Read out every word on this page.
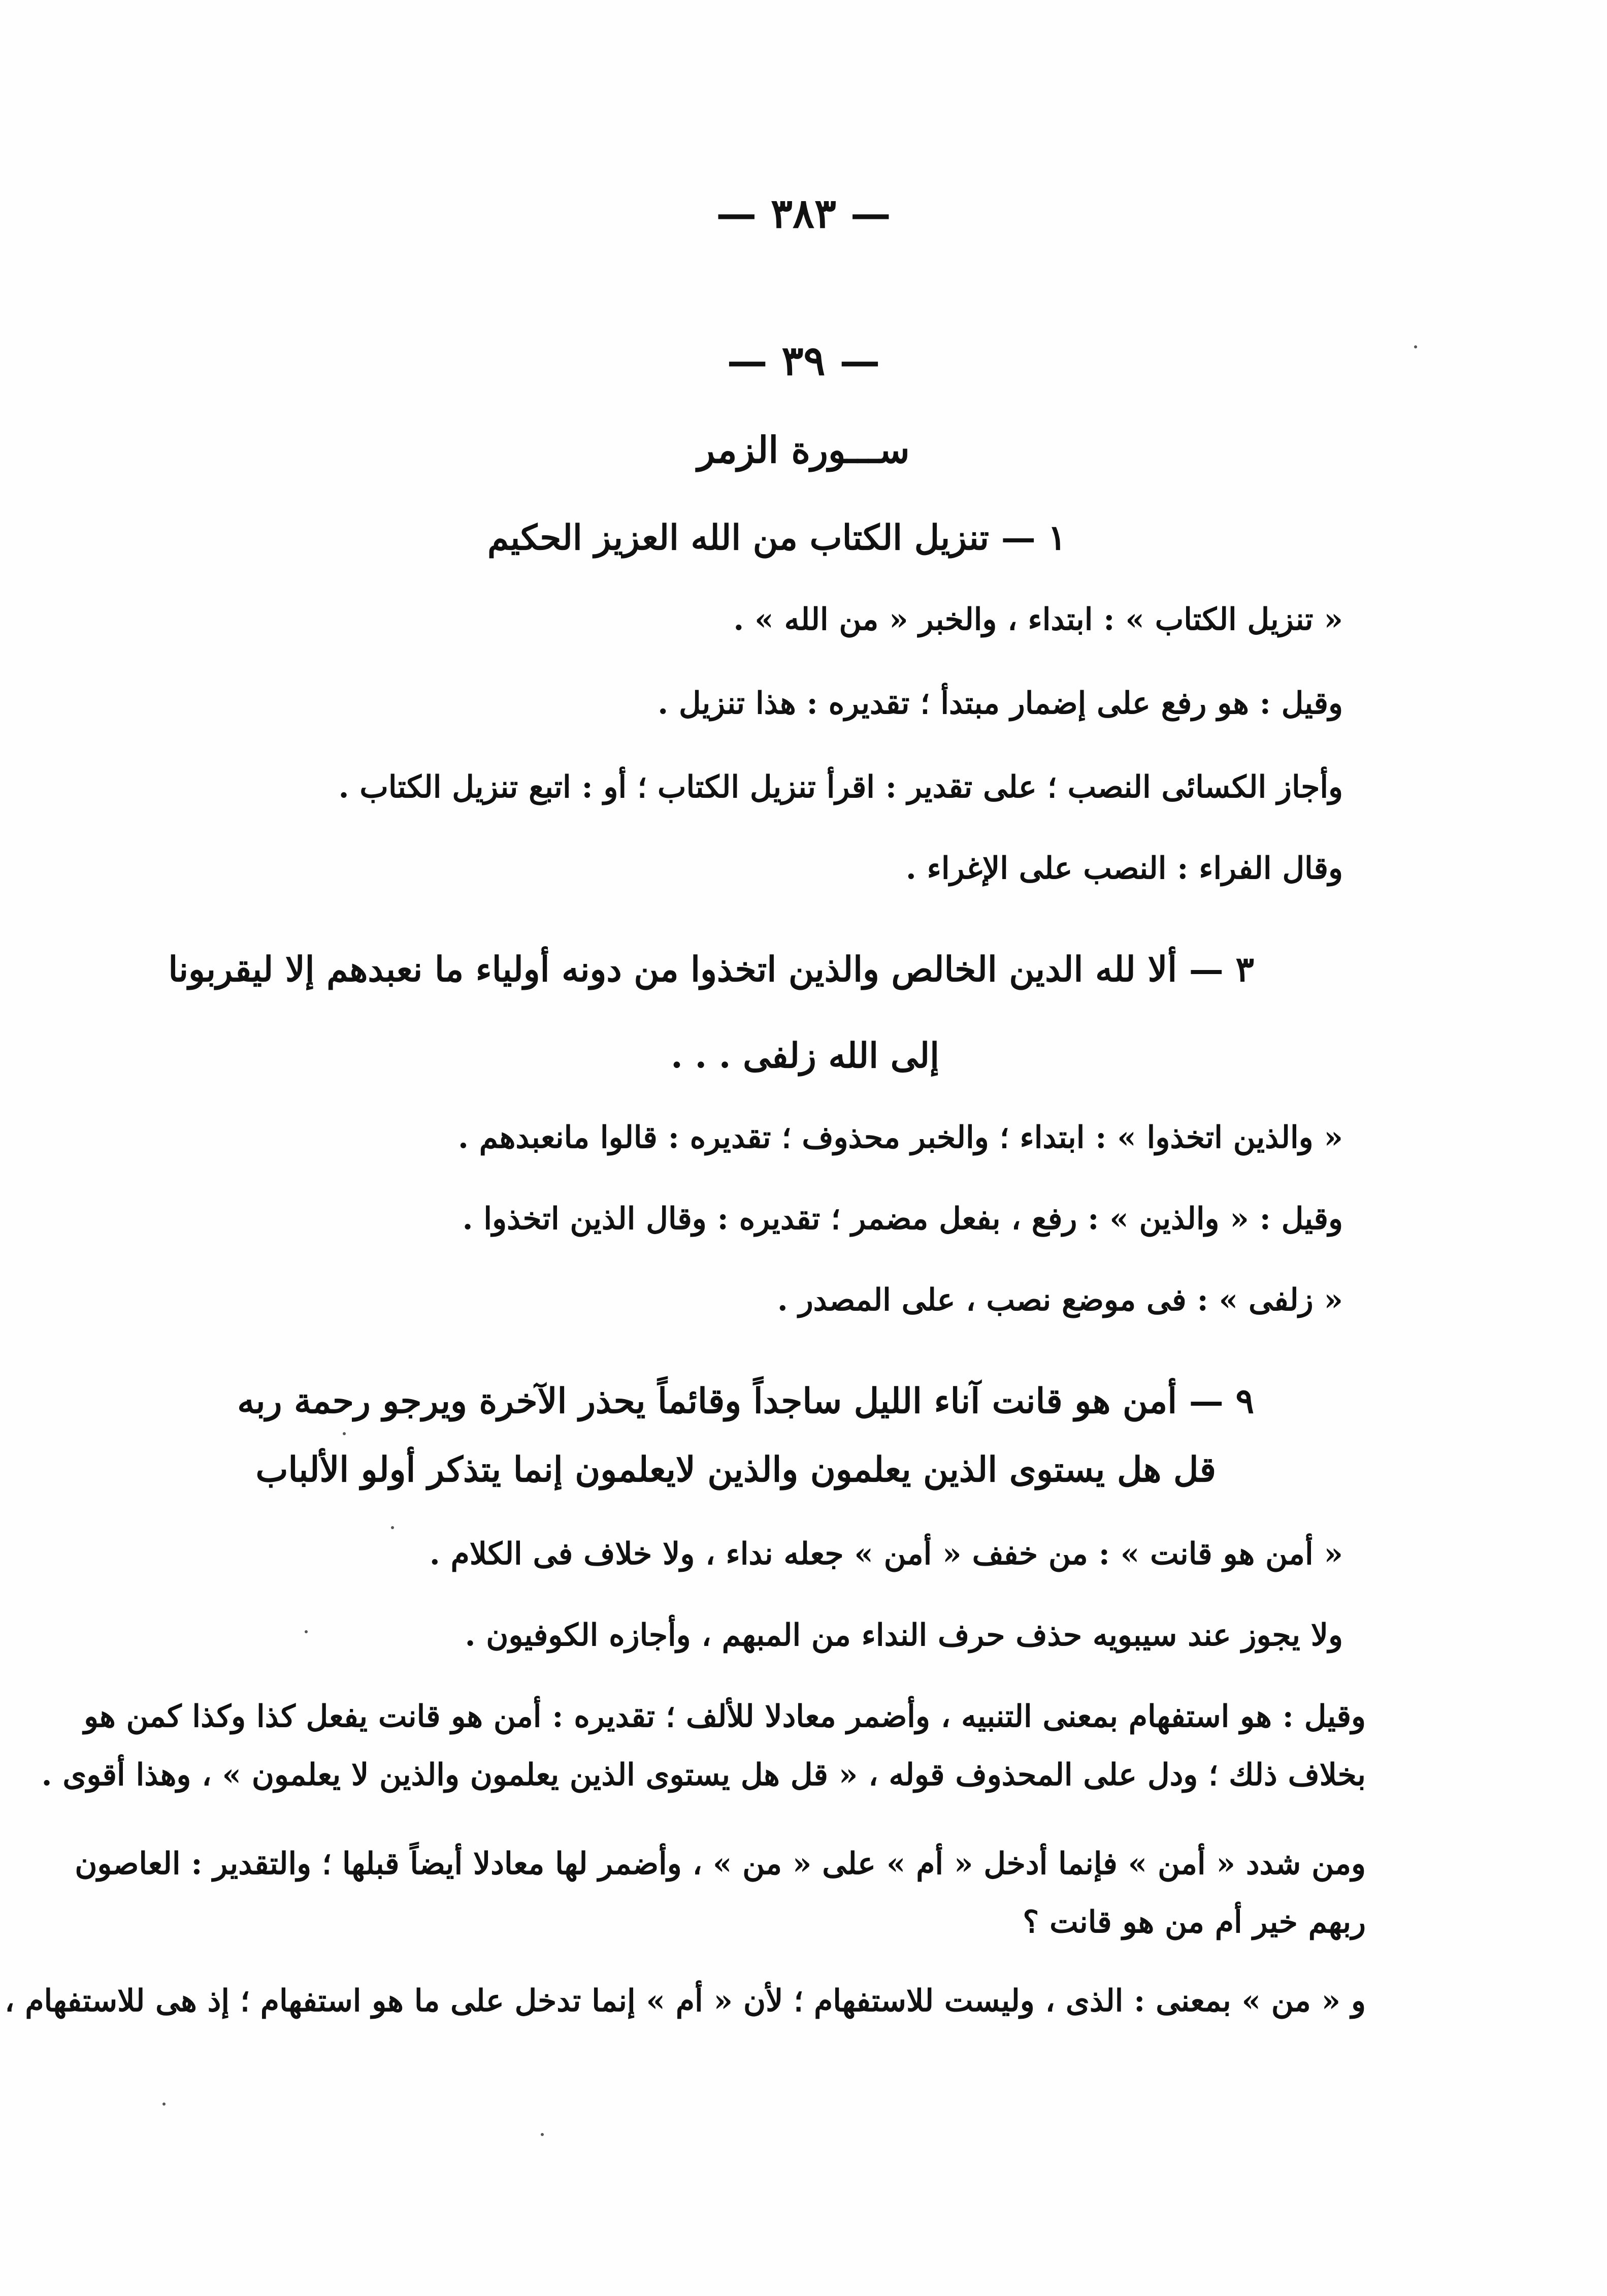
— ٣٨٣ —
— ٣٩ —
ســـورة الزمر
١ — تنزيل الكتاب من الله العزيز الحكيم
« تنزيل الكتاب » : ابتداء ، والخبر « من الله » .
وقيل : هو رفع على إضمار مبتدأ ؛ تقديره : هذا تنزيل .
وأجاز الكسائى النصب ؛ على تقدير : اقرأ تنزيل الكتاب ؛ أو : اتبع تنزيل الكتاب .
وقال الفراء : النصب على الإغراء .
٣ — ألا لله الدين الخالص والذين اتخذوا من دونه أولياء ما نعبدهم إلا ليقربونا
إلى الله زلفى . . .
« والذين اتخذوا » : ابتداء ؛ والخبر محذوف ؛ تقديره : قالوا مانعبدهم .
وقيل : « والذين » : رفع ، بفعل مضمر ؛ تقديره : وقال الذين اتخذوا .
« زلفى » : فى موضع نصب ، على المصدر .
٩ — أمن هو قانت آناء الليل ساجداً وقائماً يحذر الآخرة ويرجو رحمة ربه
قل هل يستوى الذين يعلمون والذين لايعلمون إنما يتذكر أولو الألباب
« أمن هو قانت » : من خفف « أمن » جعله نداء ، ولا خلاف فى الكلام .
ولا يجوز عند سيبويه حذف حرف النداء من المبهم ، وأجازه الكوفيون .
وقيل : هو استفهام بمعنى التنبيه ، وأضمر معادلا للألف ؛ تقديره : أمن هو قانت يفعل كذا وكذا كمن هو
بخلاف ذلك ؛ ودل على المحذوف قوله ، « قل هل يستوى الذين يعلمون والذين لا يعلمون » ، وهذا أقوى .
ومن شدد « أمن » فإنما أدخل « أم » على « من » ، وأضمر لها معادلا أيضاً قبلها ؛ والتقدير : العاصون
ربهم خير أم من هو قانت ؟
و « من » بمعنى : الذى ، وليست للاستفهام ؛ لأن « أم » إنما تدخل على ما هو استفهام ؛ إذ هى للاستفهام ،
